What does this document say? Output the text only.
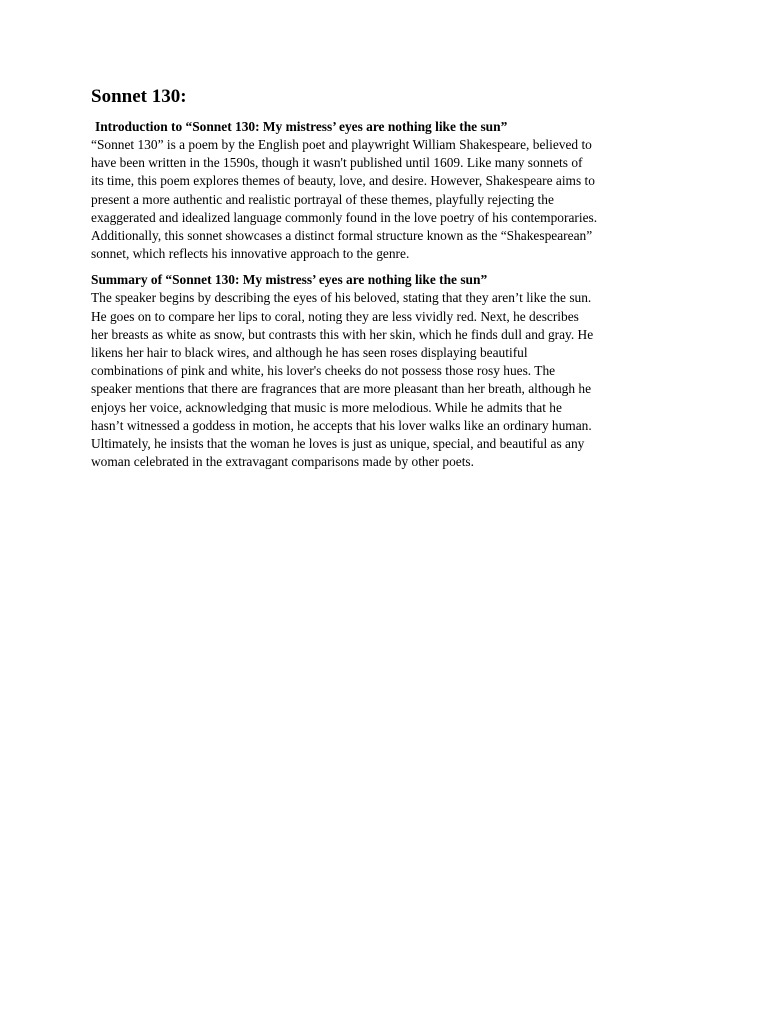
Sonnet 130:
Introduction to “Sonnet 130: My mistress’ eyes are nothing like the sun”
“Sonnet 130” is a poem by the English poet and playwright William Shakespeare, believed to
have been written in the 1590s, though it wasn't published until 1609. Like many sonnets of
its time, this poem explores themes of beauty, love, and desire. However, Shakespeare aims to
present a more authentic and realistic portrayal of these themes, playfully rejecting the
exaggerated and idealized language commonly found in the love poetry of his contemporaries.
Additionally, this sonnet showcases a distinct formal structure known as the “Shakespearean”
sonnet, which reflects his innovative approach to the genre.
Summary of “Sonnet 130: My mistress’ eyes are nothing like the sun”
The speaker begins by describing the eyes of his beloved, stating that they aren’t like the sun.
He goes on to compare her lips to coral, noting they are less vividly red. Next, he describes
her breasts as white as snow, but contrasts this with her skin, which he finds dull and gray. He
likens her hair to black wires, and although he has seen roses displaying beautiful
combinations of pink and white, his lover's cheeks do not possess those rosy hues. The
speaker mentions that there are fragrances that are more pleasant than her breath, although he
enjoys her voice, acknowledging that music is more melodious. While he admits that he
hasn’t witnessed a goddess in motion, he accepts that his lover walks like an ordinary human.
Ultimately, he insists that the woman he loves is just as unique, special, and beautiful as any
woman celebrated in the extravagant comparisons made by other poets.
